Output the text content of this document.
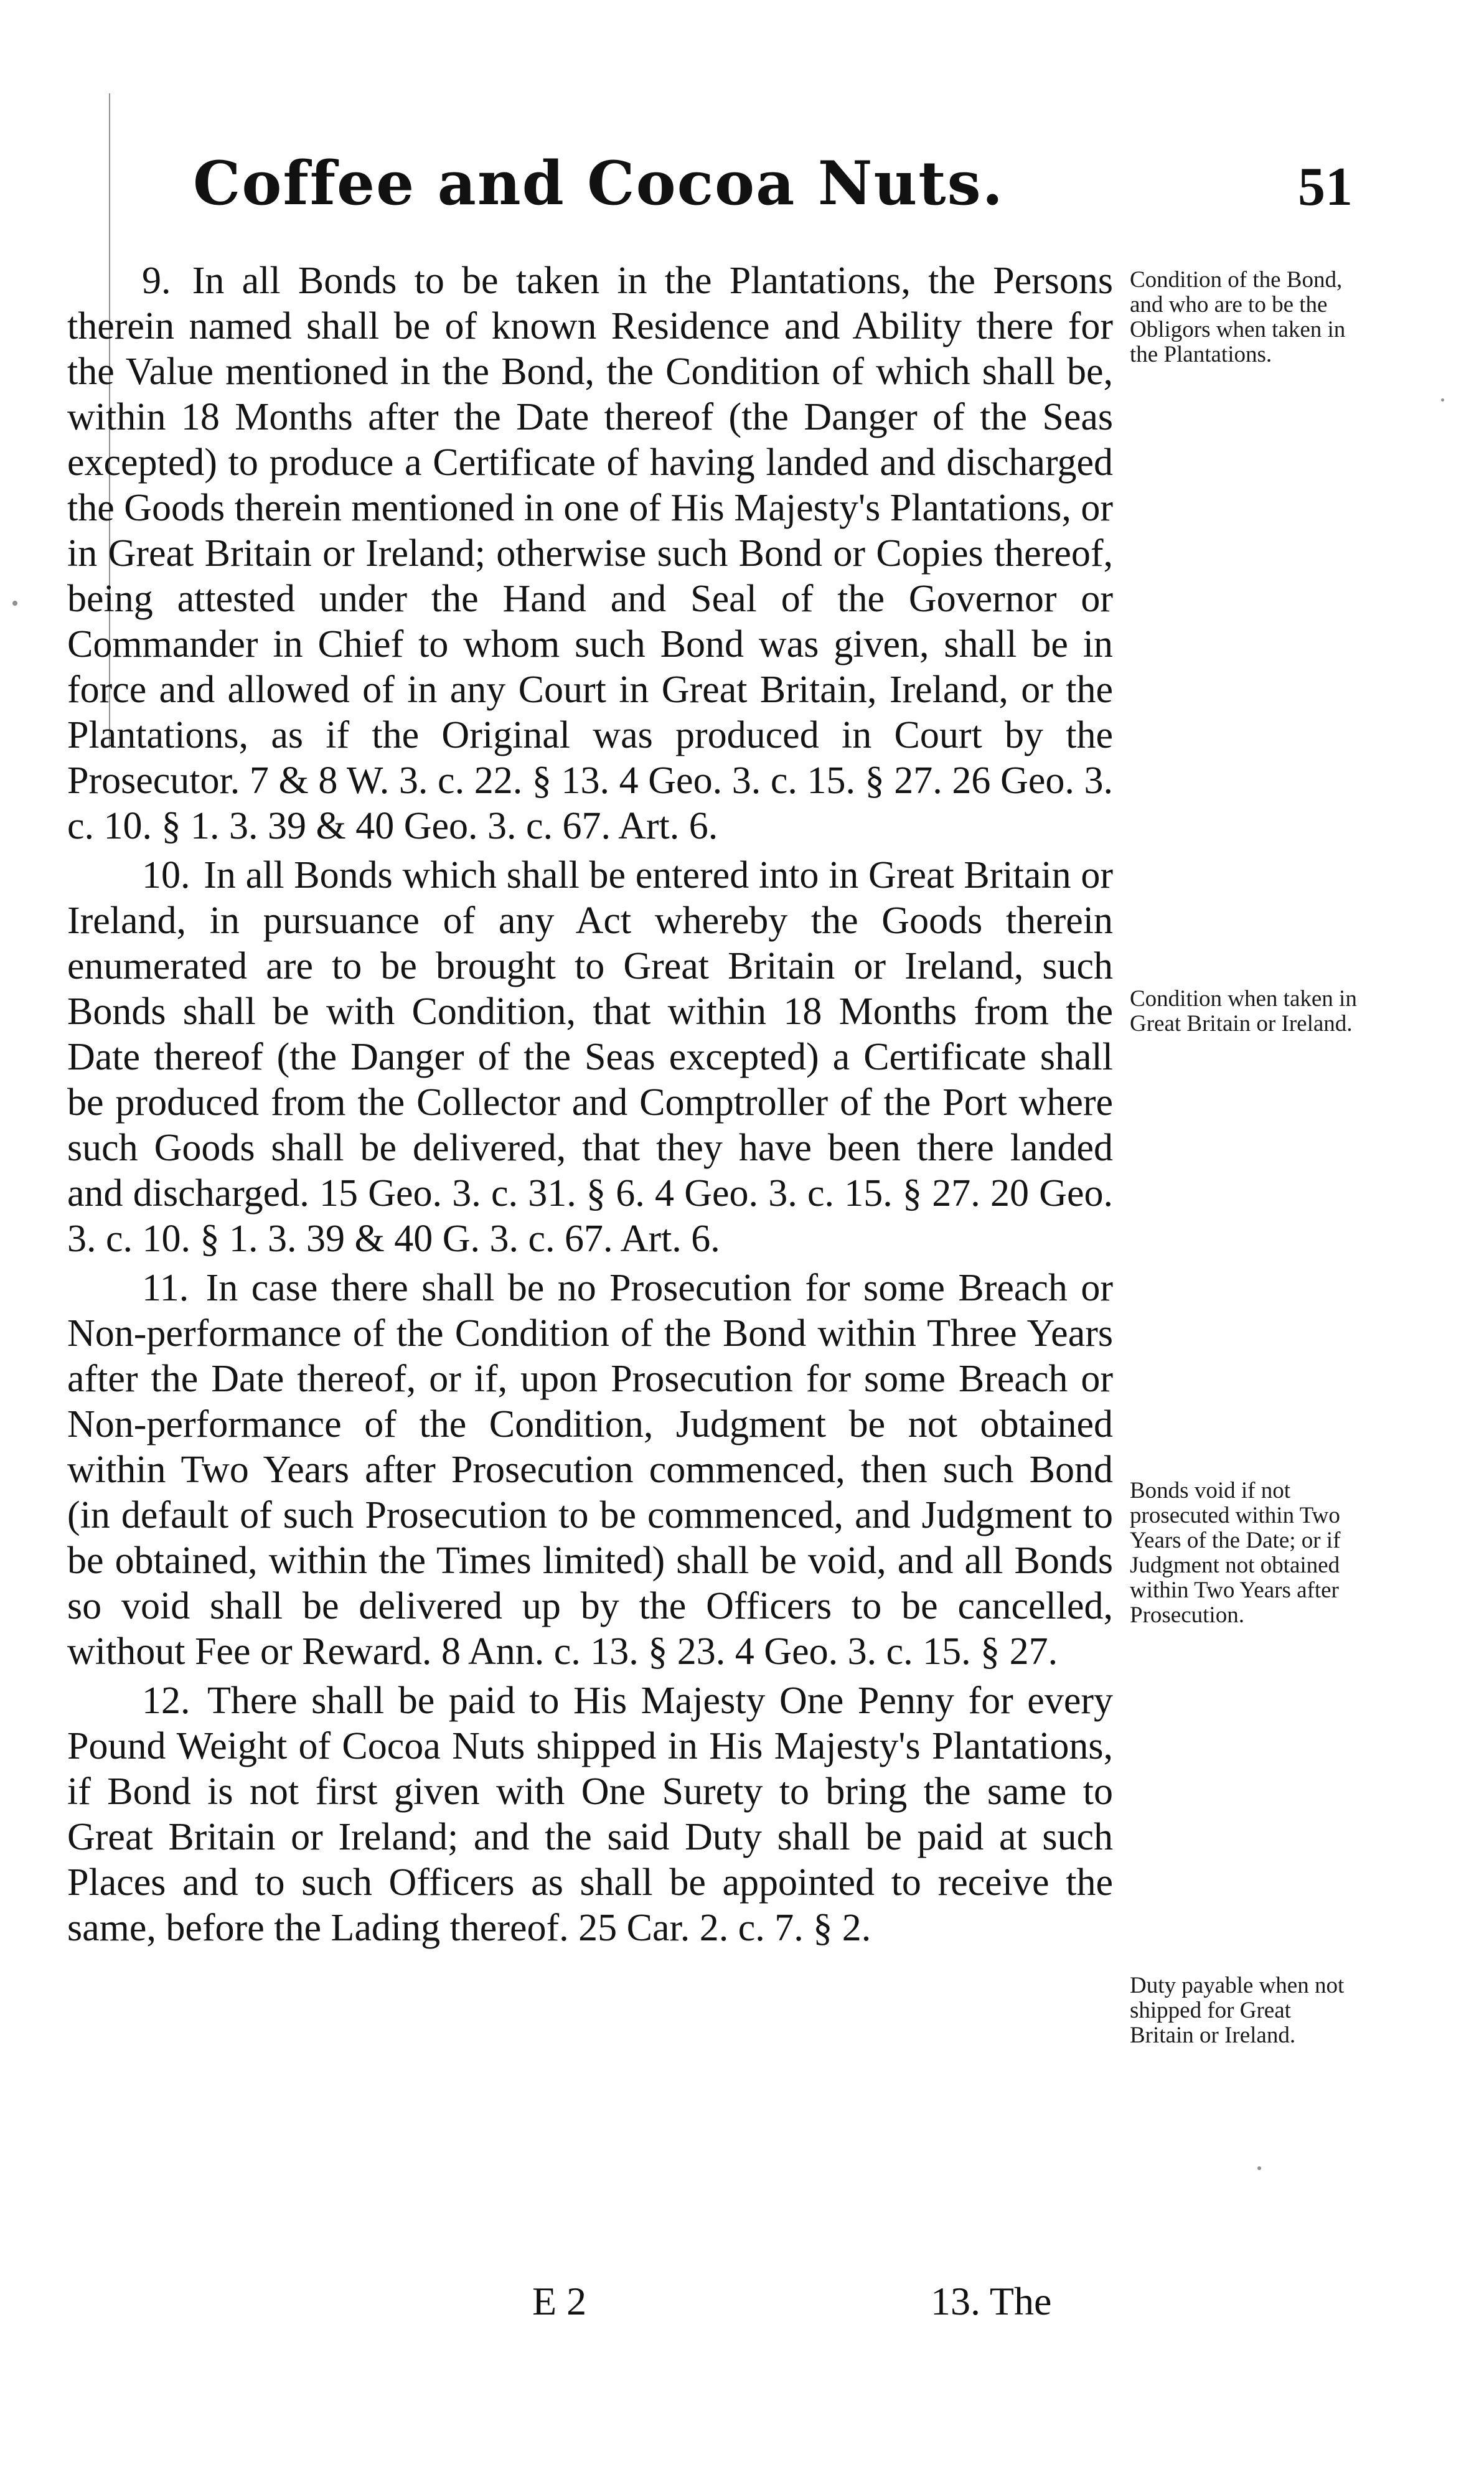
Coffee and Cocoa Nuts.	51

9. In all Bonds to be taken in the Plantations, the Persons therein named shall be of known Residence and Ability there for the Value mentioned in the Bond, the Condition of which shall be, within 18 Months after the Date thereof (the Danger of the Seas excepted) to produce a Certificate of having landed and discharged the Goods therein mentioned in one of His Majesty's Plantations, or in Great Britain or Ireland; otherwise such Bond or Copies thereof, being attested under the Hand and Seal of the Governor or Commander in Chief to whom such Bond was given, shall be in force and allowed of in any Court in Great Britain, Ireland, or the Plantations, as if the Original was produced in Court by the Prosecutor. 7 & 8 W. 3. c. 22. § 13. 4 Geo. 3. c. 15. § 27. 26 Geo. 3. c. 10. § 1. 3. 39 & 40 Geo. 3. c. 67. Art. 6.

10. In all Bonds which shall be entered into in Great Britain or Ireland, in pursuance of any Act whereby the Goods therein enumerated are to be brought to Great Britain or Ireland, such Bonds shall be with Condition, that within 18 Months from the Date thereof (the Danger of the Seas excepted) a Certificate shall be produced from the Collector and Comptroller of the Port where such Goods shall be delivered, that they have been there landed and discharged. 15 Geo. 3. c. 31. § 6. 4 Geo. 3. c. 15. § 27. 20 Geo. 3. c. 10. § 1. 3. 39 & 40 G. 3. c. 67. Art. 6.

11. In case there shall be no Prosecution for some Breach or Non-performance of the Condition of the Bond within Three Years after the Date thereof, or if, upon Prosecution for some Breach or Non-performance of the Condition, Judgment be not obtained within Two Years after Prosecution commenced, then such Bond (in default of such Prosecution to be commenced, and Judgment to be obtained, within the Times limited) shall be void, and all Bonds so void shall be delivered up by the Officers to be cancelled, without Fee or Reward. 8 Ann. c. 13. § 23. 4 Geo. 3. c. 15. § 27.

12. There shall be paid to His Majesty One Penny for every Pound Weight of Cocoa Nuts shipped in His Majesty's Plantations, if Bond is not first given with One Surety to bring the same to Great Britain or Ireland; and the said Duty shall be paid at such Places and to such Officers as shall be appointed to receive the same, before the Lading thereof. 25 Car. 2. c. 7. § 2.

Condition of the Bond, and who are to be the Obligors when taken in the Plantations.
Condition when taken in Great Britain or Ireland.
Bonds void if not prosecuted within Two Years of the Date; or if Judgment not obtained within Two Years after Prosecution.
Duty payable when not shipped for Great Britain or Ireland.
E 2	13. The
